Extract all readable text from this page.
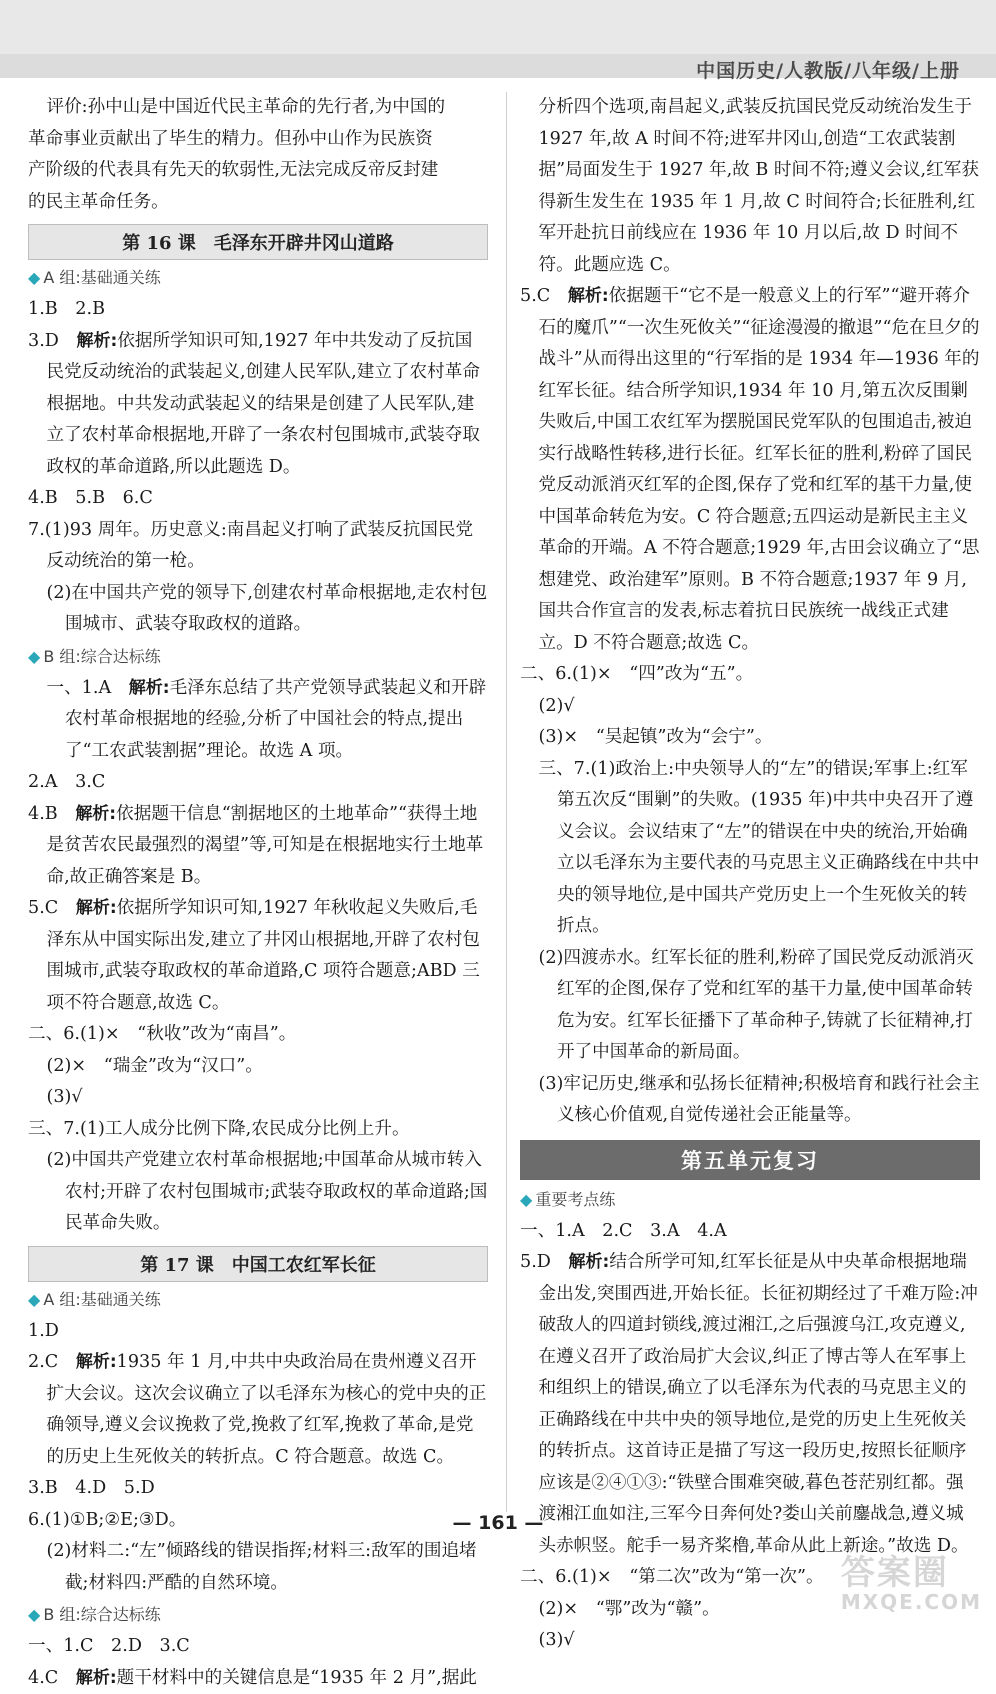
中国历史/人教版/八年级/上册

评价:孙中山是中国近代民主革命的先行者,为中国的

革命事业贡献出了毕生的精力。但孙中山作为民族资

产阶级的代表具有先天的软弱性,无法完成反帝反封建

的民主革命任务。

第 16 课　毛泽东开辟井冈山道路
◆ A 组:基础通关练

1.B　2.B

3.D　解析:依据所学知识可知,1927 年中共发动了反抗国民党反动统治的武装起义,创建人民军队,建立了农村革命根据地。中共发动武装起义的结果是创建了人民军队,建立了农村革命根据地,开辟了一条农村包围城市,武装夺取政权的革命道路,所以此题选 D。

4.B　5.B　6.C

7.(1)93 周年。历史意义:南昌起义打响了武装反抗国民党反动统治的第一枪。

(2)在中国共产党的领导下,创建农村革命根据地,走农村包围城市、武装夺取政权的道路。

◆ B 组:综合达标练

一、1.A　解析:毛泽东总结了共产党领导武装起义和开辟农村革命根据地的经验,分析了中国社会的特点,提出了“工农武装割据”理论。故选 A 项。

2.A　3.C

4.B　解析:依据题干信息“割据地区的土地革命”“获得土地是贫苦农民最强烈的渴望”等,可知是在根据地实行土地革命,故正确答案是 B。

5.C　解析:依据所学知识可知,1927 年秋收起义失败后,毛泽东从中国实际出发,建立了井冈山根据地,开辟了农村包围城市,武装夺取政权的革命道路,C 项符合题意;ABD 三项不符合题意,故选 C。

二、6.(1)×　“秋收”改为“南昌”。

(2)×　“瑞金”改为“汉口”。

(3)√

三、7.(1)工人成分比例下降,农民成分比例上升。

(2)中国共产党建立农村革命根据地;中国革命从城市转入农村;开辟了农村包围城市;武装夺取政权的革命道路;国民革命失败。

第 17 课　中国工农红军长征
◆ A 组:基础通关练

1.D

2.C　解析:1935 年 1 月,中共中央政治局在贵州遵义召开扩大会议。这次会议确立了以毛泽东为核心的党中央的正确领导,遵义会议挽救了党,挽救了红军,挽救了革命,是党的历史上生死攸关的转折点。C 符合题意。故选 C。

3.B　4.D　5.D

6.(1)①B;②E;③D。

(2)材料二:“左”倾路线的错误指挥;材料三:敌军的围追堵截;材料四:严酷的自然环境。

◆ B 组:综合达标练

一、1.C　2.D　3.C

4.C　解析:题干材料中的关键信息是“1935 年 2 月”,据此

分析四个选项,南昌起义,武装反抗国民党反动统治发生于 1927 年,故 A 时间不符;进军井冈山,创造“工农武装割据”局面发生于 1927 年,故 B 时间不符;遵义会议,红军获得新生发生在 1935 年 1 月,故 C 时间符合;长征胜利,红军开赴抗日前线应在 1936 年 10 月以后,故 D 时间不符。此题应选 C。

5.C　解析:依据题干“它不是一般意义上的行军”“避开蒋介石的魔爪”“一次生死攸关”“征途漫漫的撤退”“危在旦夕的战斗”从而得出这里的“行军指的是 1934 年—1936 年的红军长征。结合所学知识,1934 年 10 月,第五次反围剿失败后,中国工农红军为摆脱国民党军队的包围追击,被迫实行战略性转移,进行长征。红军长征的胜利,粉碎了国民党反动派消灭红军的企图,保存了党和红军的基干力量,使中国革命转危为安。C 符合题意;五四运动是新民主主义革命的开端。A 不符合题意;1929 年,古田会议确立了“思想建党、政治建军”原则。B 不符合题意;1937 年 9 月,国共合作宣言的发表,标志着抗日民族统一战线正式建立。D 不符合题意;故选 C。

二、6.(1)×　“四”改为“五”。

(2)√

(3)×　“吴起镇”改为“会宁”。

三、7.(1)政治上:中央领导人的“左”的错误;军事上:红军第五次反“围剿”的失败。(1935 年)中共中央召开了遵义会议。会议结束了“左”的错误在中央的统治,开始确立以毛泽东为主要代表的马克思主义正确路线在中共中央的领导地位,是中国共产党历史上一个生死攸关的转折点。

(2)四渡赤水。红军长征的胜利,粉碎了国民党反动派消灭红军的企图,保存了党和红军的基干力量,使中国革命转危为安。红军长征播下了革命种子,铸就了长征精神,打开了中国革命的新局面。

(3)牢记历史,继承和弘扬长征精神;积极培育和践行社会主义核心价值观,自觉传递社会正能量等。

第五单元复习
◆ 重要考点练

一、1.A　2.C　3.A　4.A

5.D　解析:结合所学可知,红军长征是从中央革命根据地瑞金出发,突围西进,开始长征。长征初期经过了千难万险:冲破敌人的四道封锁线,渡过湘江,之后强渡乌江,攻克遵义,在遵义召开了政治局扩大会议,纠正了博古等人在军事上和组织上的错误,确立了以毛泽东为代表的马克思主义的正确路线在中共中央的领导地位,是党的历史上生死攸关的转折点。这首诗正是描了写这一段历史,按照长征顺序应该是②④①③:“铁壁合围难突破,暮色苍茫别红都。强渡湘江血如注,三军今日奔何处?娄山关前鏖战急,遵义城头赤帜竖。舵手一易齐桨橹,革命从此上新途。”故选 D。

二、6.(1)×　“第二次”改为“第一次”。

(2)×　“鄂”改为“赣”。

(3)√

— 161 —
答案圈
MXQE.COM
